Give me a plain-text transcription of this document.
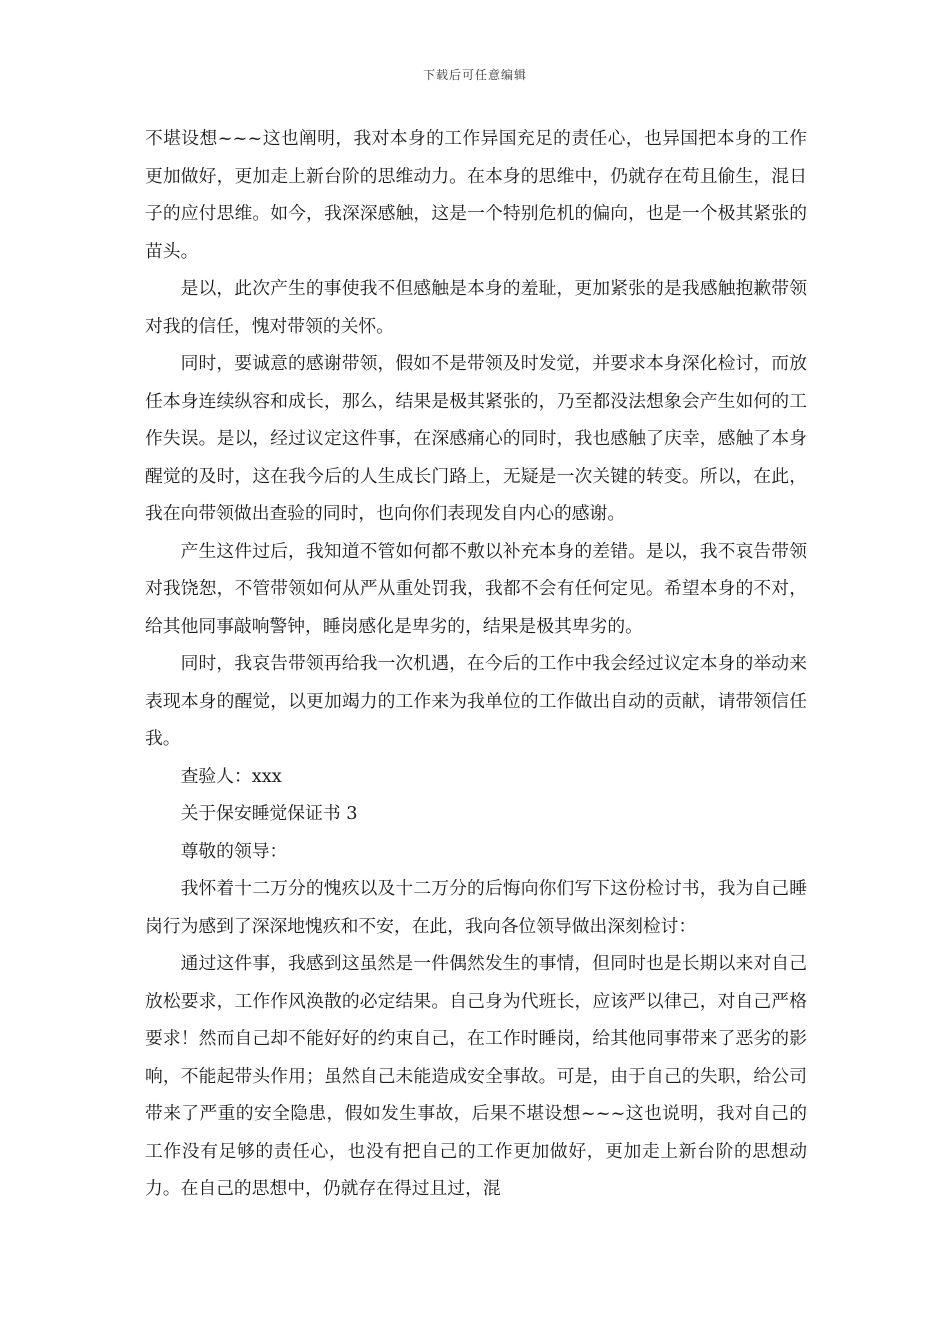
下载后可任意编辑

不堪设想~~~这也阐明，我对本身的工作异国充足的责任心，也异国把本身的工作更加做好，更加走上新台阶的思维动力。在本身的思维中，仍就存在苟且偷生，混日子的应付思维。如今，我深深感触，这是一个特别危机的偏向，也是一个极其紧张的苗头。

是以，此次产生的事使我不但感触是本身的羞耻，更加紧张的是我感触抱歉带领对我的信任，愧对带领的关怀。

同时，要诚意的感谢带领，假如不是带领及时发觉，并要求本身深化检讨，而放任本身连续纵容和成长，那么，结果是极其紧张的，乃至都没法想象会产生如何的工作失误。是以，经过议定这件事，在深感痛心的同时，我也感触了庆幸，感触了本身醒觉的及时，这在我今后的人生成长门路上，无疑是一次关键的转变。所以，在此，我在向带领做出查验的同时，也向你们表现发自内心的感谢。

产生这件过后，我知道不管如何都不敷以补充本身的差错。是以，我不哀告带领对我饶恕，不管带领如何从严从重处罚我，我都不会有任何定见。希望本身的不对，给其他同事敲响警钟，睡岗感化是卑劣的，结果是极其卑劣的。

同时，我哀告带领再给我一次机遇，在今后的工作中我会经过议定本身的举动来表现本身的醒觉，以更加竭力的工作来为我单位的工作做出自动的贡献，请带领信任我。

查验人：xxx

关于保安睡觉保证书 3

尊敬的领导：

我怀着十二万分的愧疚以及十二万分的后悔向你们写下这份检讨书，我为自己睡岗行为感到了深深地愧疚和不安，在此，我向各位领导做出深刻检讨：

通过这件事，我感到这虽然是一件偶然发生的事情，但同时也是长期以来对自己放松要求，工作作风涣散的必定结果。自己身为代班长，应该严以律己，对自己严格要求！然而自己却不能好好的约束自己，在工作时睡岗，给其他同事带来了恶劣的影响，不能起带头作用；虽然自己未能造成安全事故。可是，由于自己的失职，给公司带来了严重的安全隐患，假如发生事故，后果不堪设想~~~这也说明，我对自己的工作没有足够的责任心，也没有把自己的工作更加做好，更加走上新台阶的思想动力。在自己的思想中，仍就存在得过且过，混
